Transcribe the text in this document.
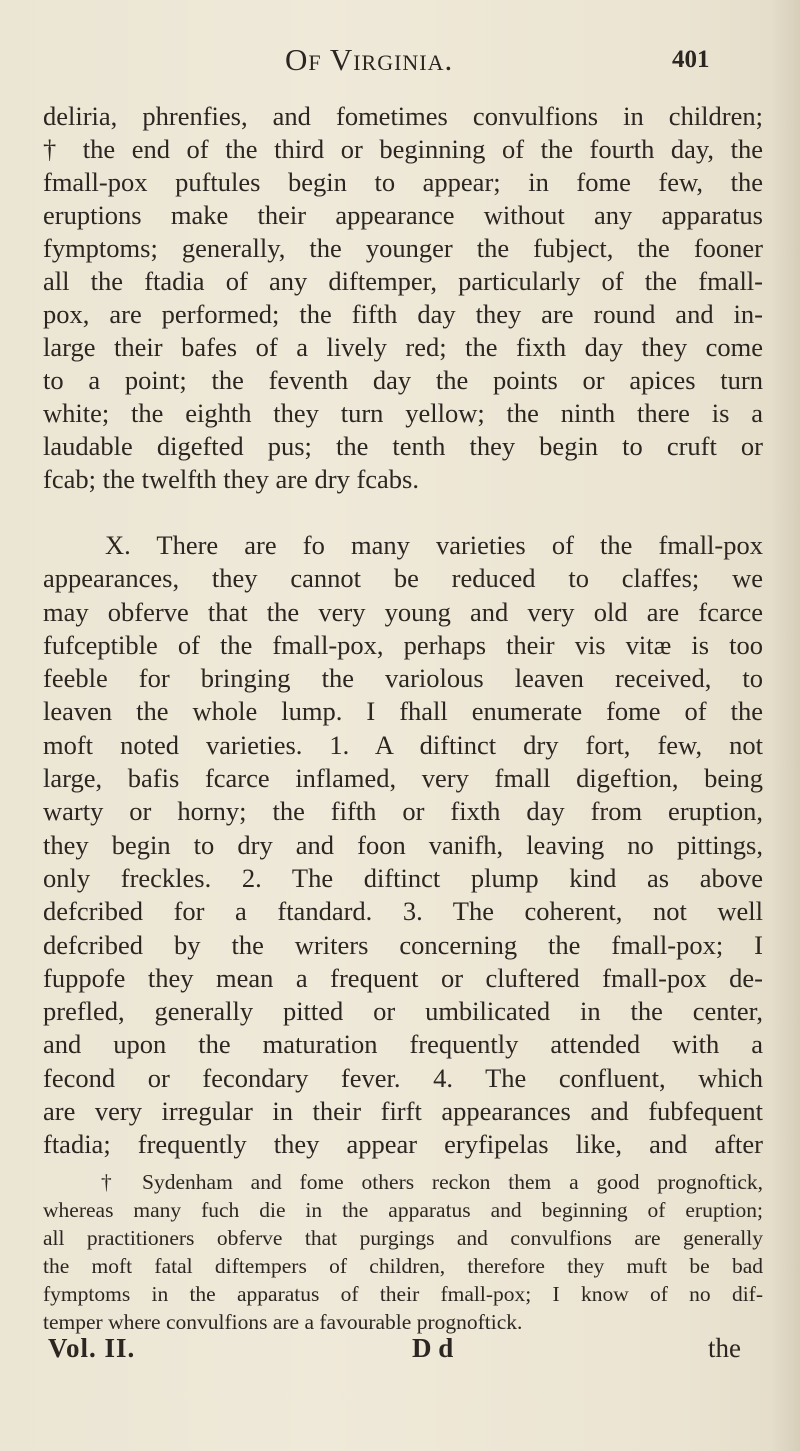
Of Virginia.	401
deliria, phrenfies, and fometimes convulfions in children;
† the end of the third or beginning of the fourth day, the
fmall-pox puftules begin to appear; in fome few, the
eruptions make their appearance without any apparatus
fymptoms; generally, the younger the fubject, the fooner
all the ftadia of any diftemper, particularly of the fmall-
pox, are performed; the fifth day they are round and in-
large their bafes of a lively red; the fixth day they come
to a point; the feventh day the points or apices turn
white; the eighth they turn yellow; the ninth there is a
laudable digefted pus; the tenth they begin to cruft or
fcab; the twelfth they are dry fcabs.
X. There are fo many varieties of the fmall-pox
appearances, they cannot be reduced to claffes; we
may obferve that the very young and very old are fcarce
fufceptible of the fmall-pox, perhaps their vis vitæ is too
feeble for bringing the variolous leaven received, to
leaven the whole lump. I fhall enumerate fome of the
moft noted varieties. 1. A diftinct dry fort, few, not
large, bafis fcarce inflamed, very fmall digeftion, being
warty or horny; the fifth or fixth day from eruption,
they begin to dry and foon vanifh, leaving no pittings,
only freckles. 2. The diftinct plump kind as above
defcribed for a ftandard. 3. The coherent, not well
defcribed by the writers concerning the fmall-pox; I
fuppofe they mean a frequent or cluftered fmall-pox de-
prefled, generally pitted or umbilicated in the center,
and upon the maturation frequently attended with a
fecond or fecondary fever. 4. The confluent, which
are very irregular in their firft appearances and fubfequent
ftadia; frequently they appear eryfipelas like, and after
† Sydenham and fome others reckon them a good prognoftick,
whereas many fuch die in the apparatus and beginning of eruption;
all practitioners obferve that purgings and convulfions are generally
the moft fatal diftempers of children, therefore they muft be bad
fymptoms in the apparatus of their fmall-pox; I know of no dif-
temper where convulfions are a favourable prognoftick.
Vol. II.	D d	the
